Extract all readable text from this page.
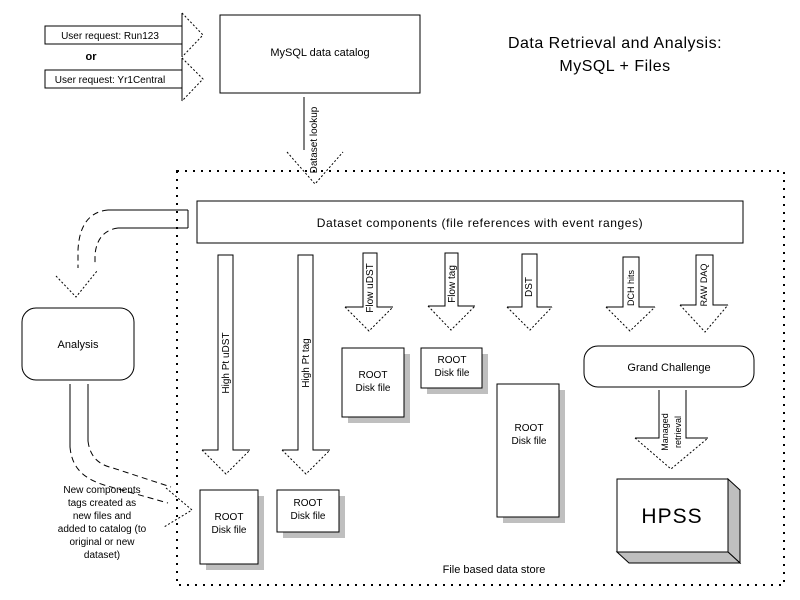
User request: Run123
or
User request: Yr1Central
MySQL data catalog
Data Retrieval and Analysis:
MySQL + Files
Dataset lookup
Dataset components (file references with event ranges)
Analysis
New components
tags created as
new files and
added to catalog (to
original or new
dataset)
High Pt uDST	High Pt tag
Flow uDST	Flow tag	DST	DCH hits	RAW DAQ
ROOT
Disk file
ROOT
Disk file
ROOT
Disk file
ROOT
Disk file
ROOT
Disk file
Grand Challenge
Managed retrieval
HPSS
File based data store
